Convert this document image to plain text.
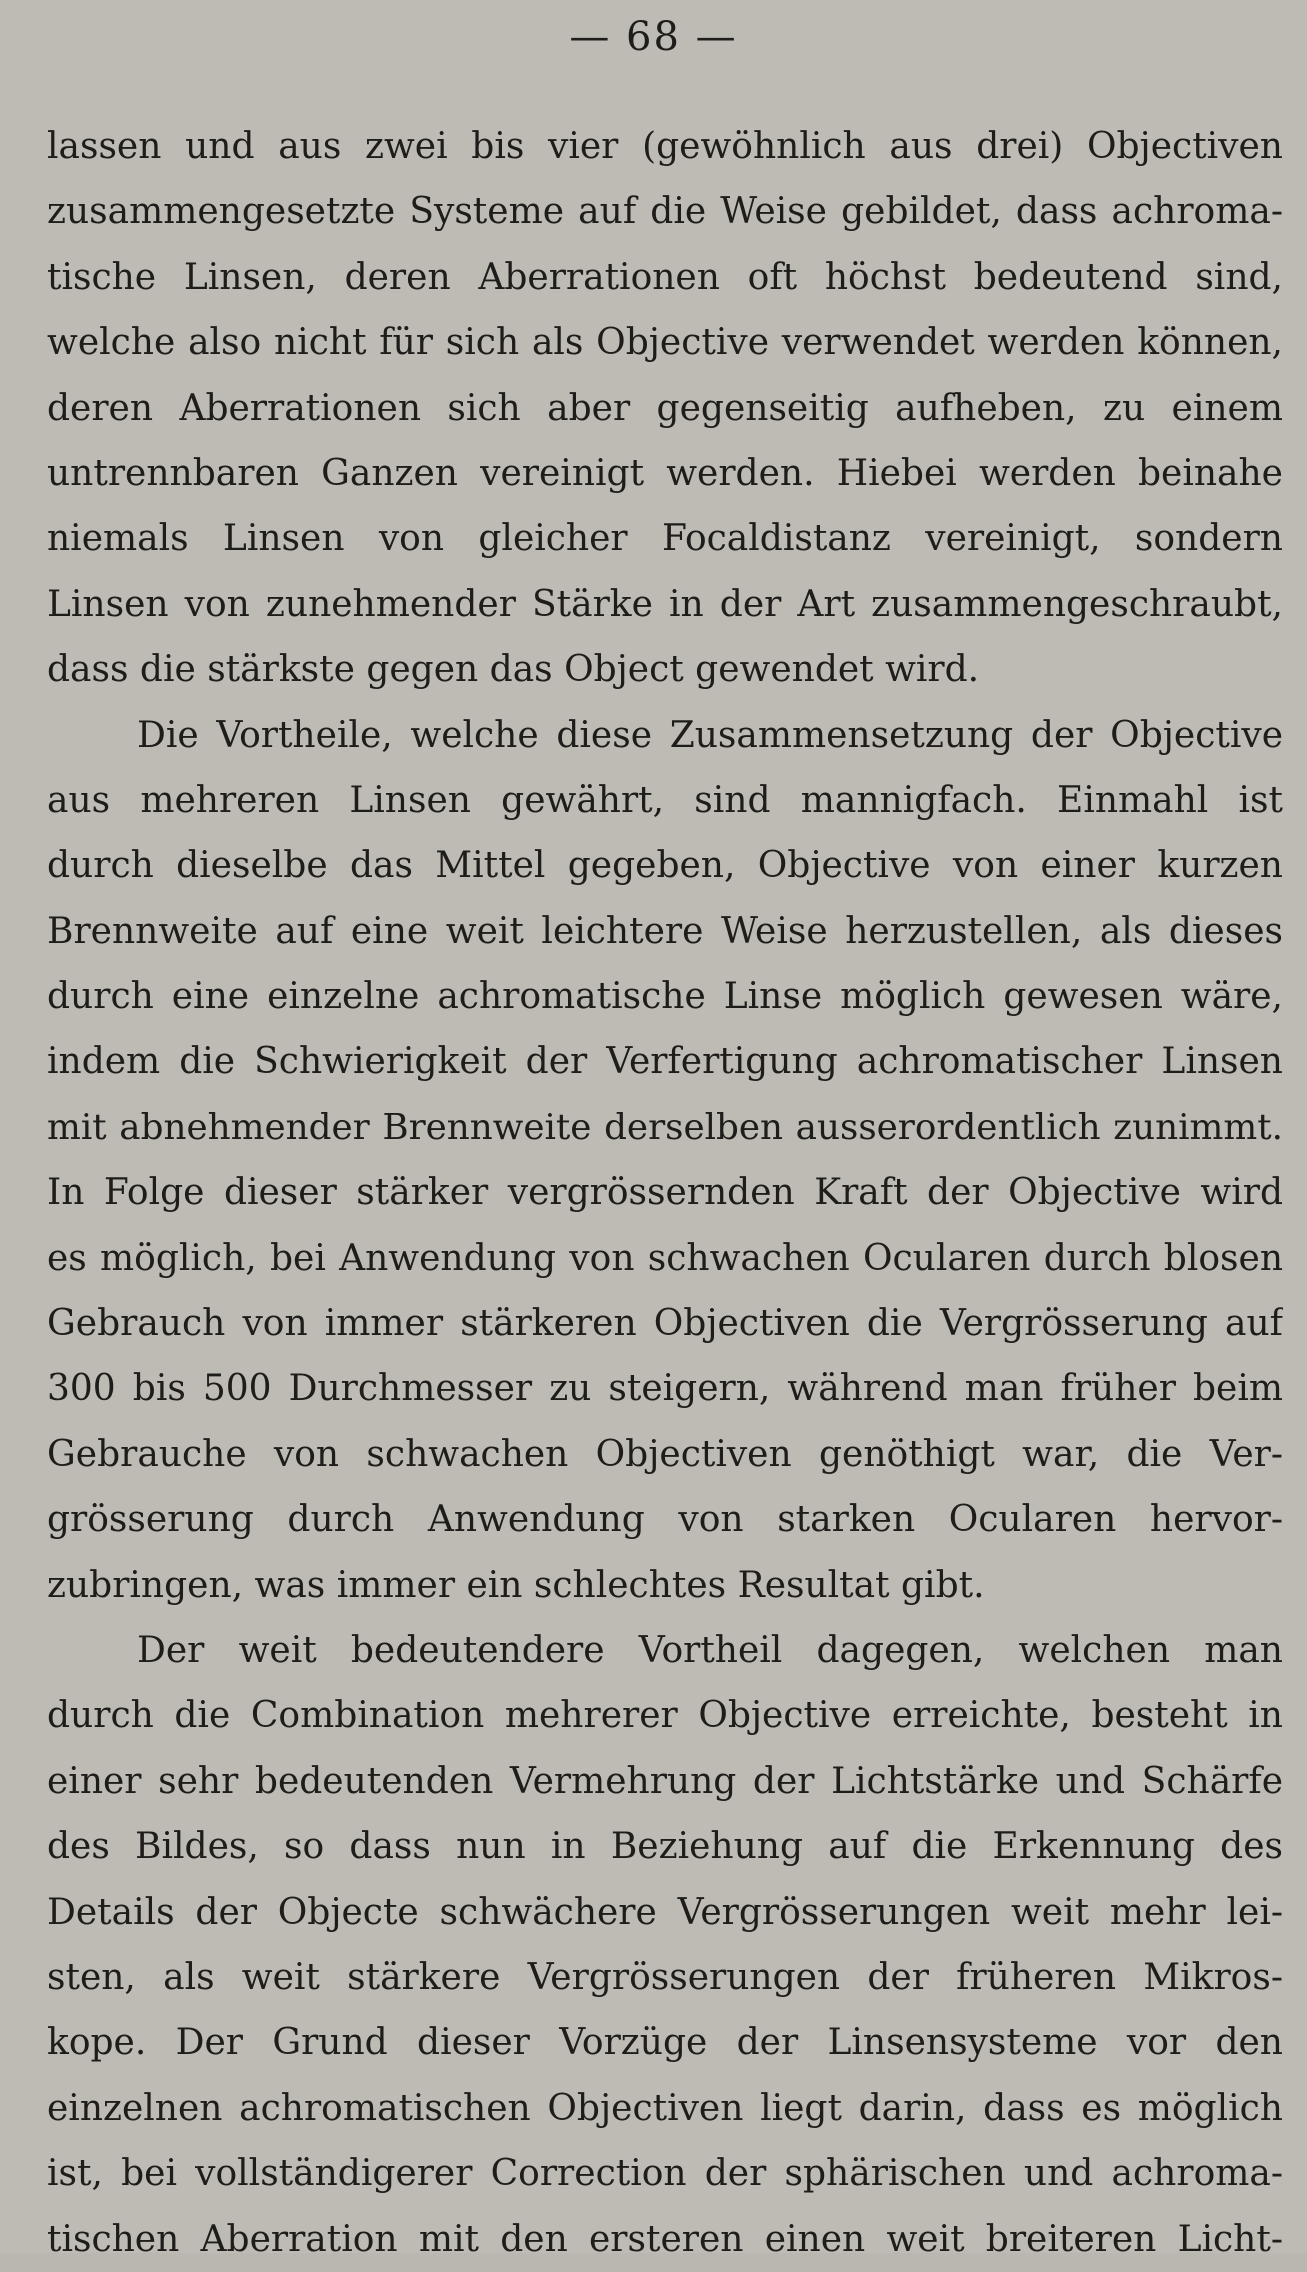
— 68 —
lassen und aus zwei bis vier (gewöhnlich aus drei) Objectiven
zusammengesetzte Systeme auf die Weise gebildet, dass achroma-
tische Linsen, deren Aberrationen oft höchst bedeutend sind,
welche also nicht für sich als Objective verwendet werden können,
deren Aberrationen sich aber gegenseitig aufheben, zu einem
untrennbaren Ganzen vereinigt werden. Hiebei werden beinahe
niemals Linsen von gleicher Focaldistanz vereinigt, sondern
Linsen von zunehmender Stärke in der Art zusammengeschraubt,
dass die stärkste gegen das Object gewendet wird.
Die Vortheile, welche diese Zusammensetzung der Objective
aus mehreren Linsen gewährt, sind mannigfach. Einmahl ist
durch dieselbe das Mittel gegeben, Objective von einer kurzen
Brennweite auf eine weit leichtere Weise herzustellen, als dieses
durch eine einzelne achromatische Linse möglich gewesen wäre,
indem die Schwierigkeit der Verfertigung achromatischer Linsen
mit abnehmender Brennweite derselben ausserordentlich zunimmt.
In Folge dieser stärker vergrössernden Kraft der Objective wird
es möglich, bei Anwendung von schwachen Ocularen durch blosen
Gebrauch von immer stärkeren Objectiven die Vergrösserung auf
300 bis 500 Durchmesser zu steigern, während man früher beim
Gebrauche von schwachen Objectiven genöthigt war, die Ver-
grösserung durch Anwendung von starken Ocularen hervor-
zubringen, was immer ein schlechtes Resultat gibt.
Der weit bedeutendere Vortheil dagegen, welchen man
durch die Combination mehrerer Objective erreichte, besteht in
einer sehr bedeutenden Vermehrung der Lichtstärke und Schärfe
des Bildes, so dass nun in Beziehung auf die Erkennung des
Details der Objecte schwächere Vergrösserungen weit mehr lei-
sten, als weit stärkere Vergrösserungen der früheren Mikros-
kope. Der Grund dieser Vorzüge der Linsensysteme vor den
einzelnen achromatischen Objectiven liegt darin, dass es möglich
ist, bei vollständigerer Correction der sphärischen und achroma-
tischen Aberration mit den ersteren einen weit breiteren Licht-
